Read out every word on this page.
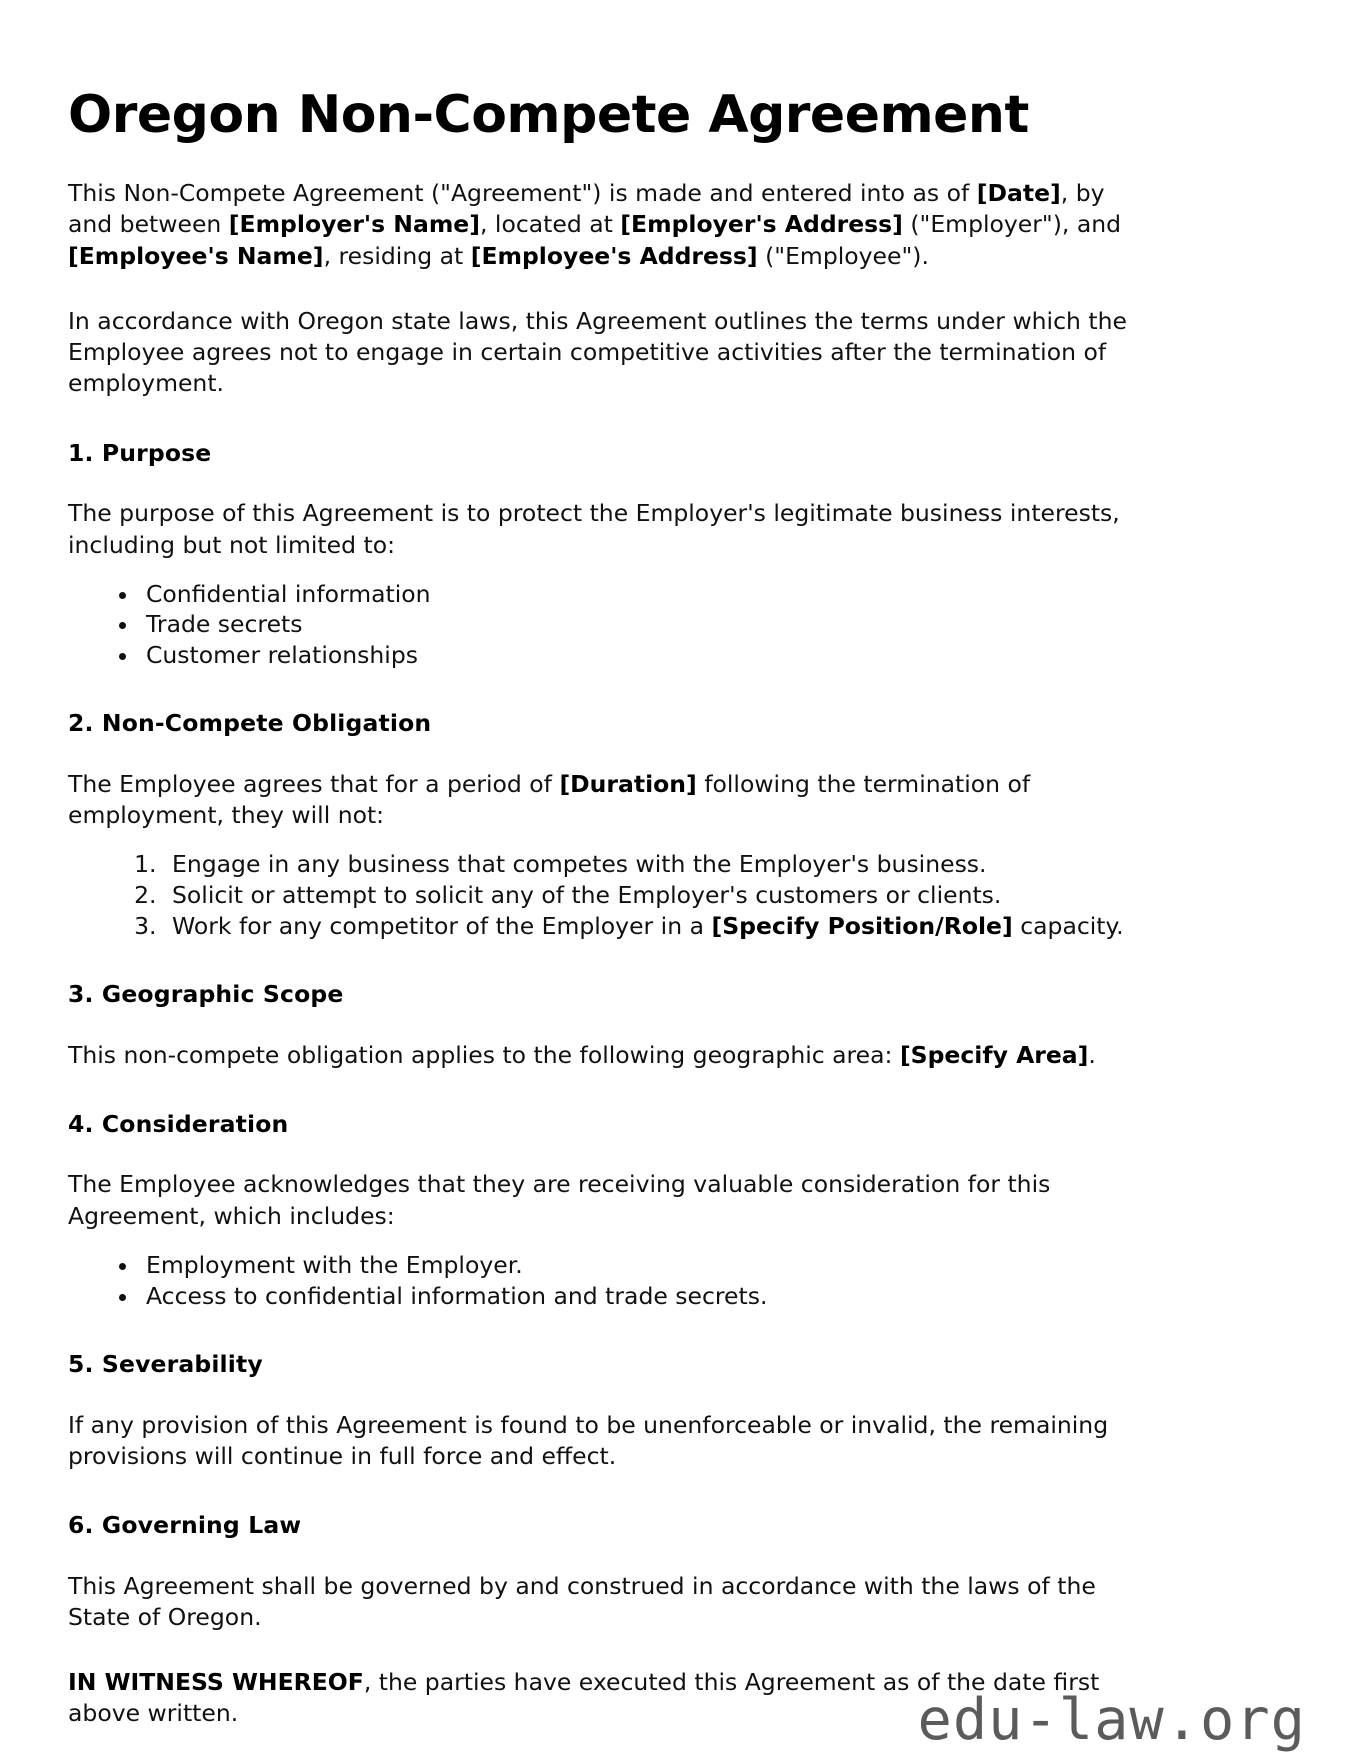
Oregon Non-Compete Agreement

This Non-Compete Agreement ("Agreement") is made and entered into as of [Date], by and between [Employer's Name], located at [Employer's Address] ("Employer"), and [Employee's Name], residing at [Employee's Address] ("Employee").

In accordance with Oregon state laws, this Agreement outlines the terms under which the Employee agrees not to engage in certain competitive activities after the termination of employment.

1. Purpose

The purpose of this Agreement is to protect the Employer's legitimate business interests, including but not limited to:

• Confidential information
• Trade secrets
• Customer relationships
2. Non-Compete Obligation

The Employee agrees that for a period of [Duration] following the termination of employment, they will not:

1. Engage in any business that competes with the Employer's business.
2. Solicit or attempt to solicit any of the Employer's customers or clients.
3. Work for any competitor of the Employer in a [Specify Position/Role] capacity.
3. Geographic Scope

This non-compete obligation applies to the following geographic area: [Specify Area].

4. Consideration

The Employee acknowledges that they are receiving valuable consideration for this Agreement, which includes:

• Employment with the Employer.
• Access to confidential information and trade secrets.
5. Severability

If any provision of this Agreement is found to be unenforceable or invalid, the remaining provisions will continue in full force and effect.

6. Governing Law

This Agreement shall be governed by and construed in accordance with the laws of the State of Oregon.

IN WITNESS WHEREOF, the parties have executed this Agreement as of the date first above written.	edu-law.org
